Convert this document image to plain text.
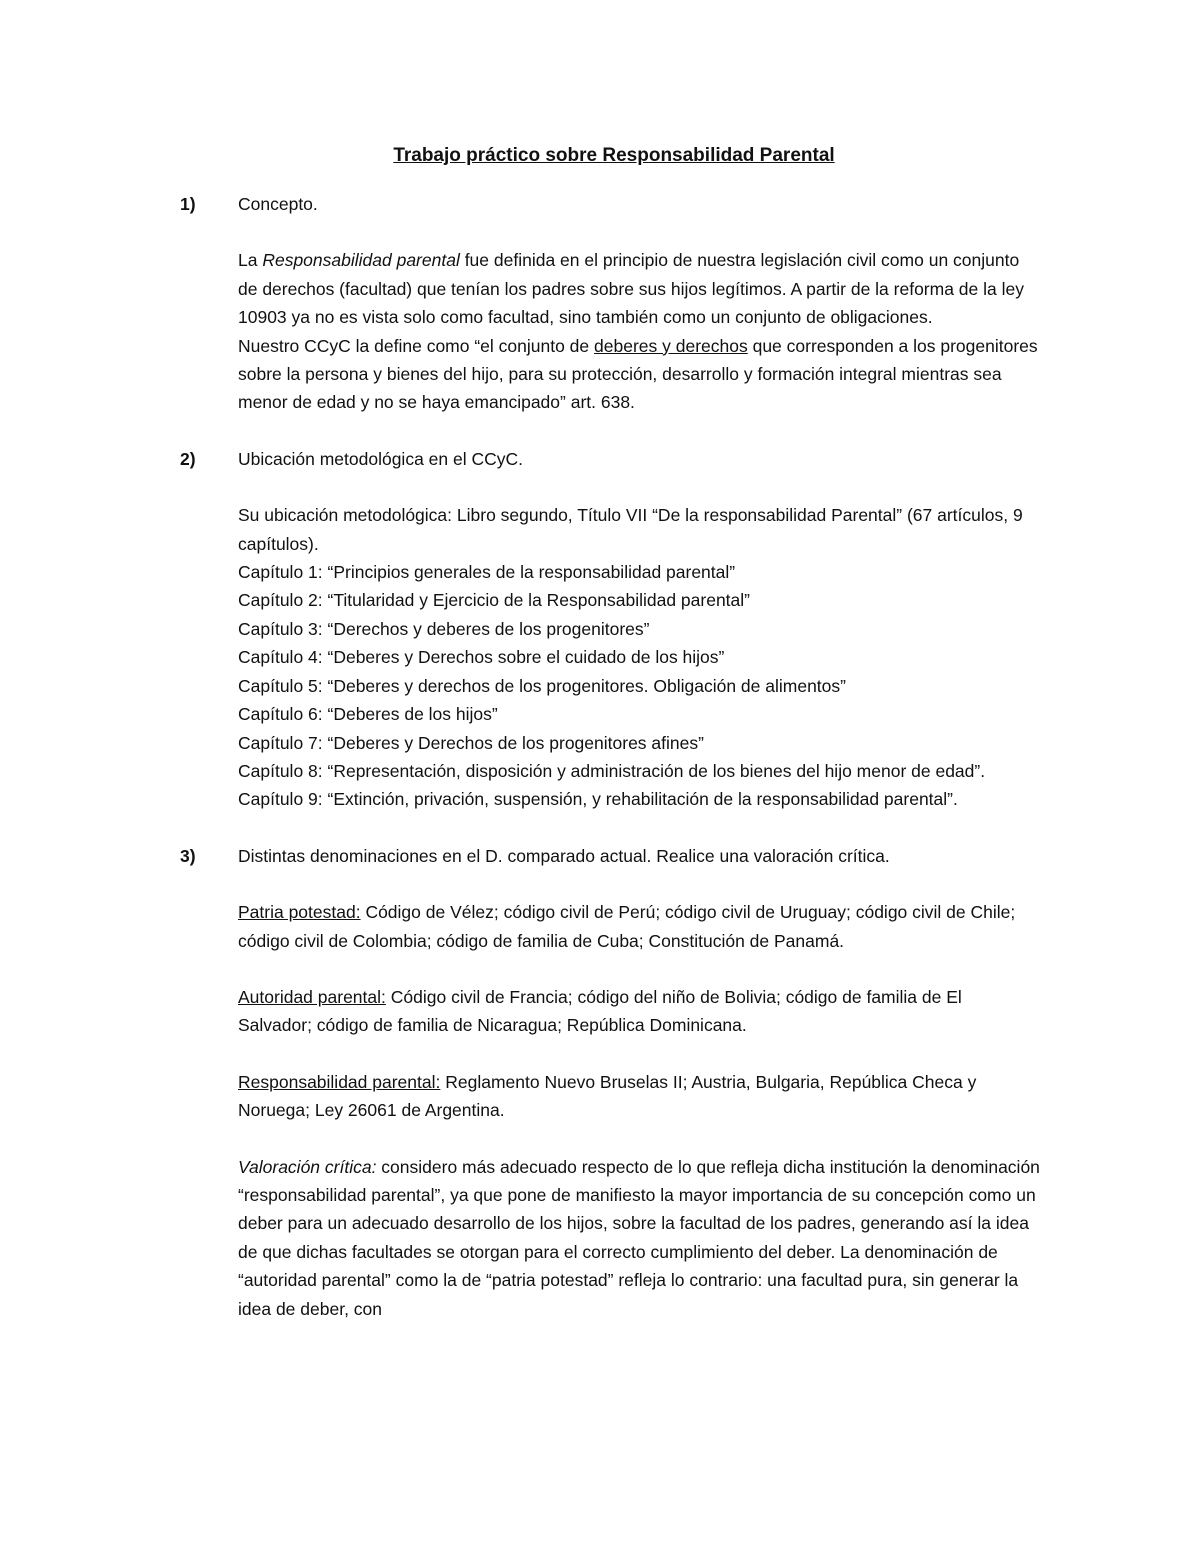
Trabajo práctico sobre Responsabilidad Parental
1)	Concepto.

La Responsabilidad parental fue definida en el principio de nuestra legislación civil como un conjunto de derechos (facultad) que tenían los padres sobre sus hijos legítimos. A partir de la reforma de la ley 10903 ya no es vista solo como facultad, sino también como un conjunto de obligaciones.

Nuestro CCyC la define como “el conjunto de deberes y derechos que corresponden a los progenitores sobre la persona y bienes del hijo, para su protección, desarrollo y formación integral mientras sea menor de edad y no se haya emancipado” art. 638.

2)	Ubicación metodológica en el CCyC.

Su ubicación metodológica: Libro segundo, Título VII “De la responsabilidad Parental” (67 artículos, 9 capítulos).

Capítulo 1: “Principios generales de la responsabilidad parental”

Capítulo 2: “Titularidad y Ejercicio de la Responsabilidad parental”

Capítulo 3: “Derechos y deberes de los progenitores”

Capítulo 4: “Deberes y Derechos sobre el cuidado de los hijos”

Capítulo 5: “Deberes y derechos de los progenitores. Obligación de alimentos”

Capítulo 6: “Deberes de los hijos”

Capítulo 7: “Deberes y Derechos de los progenitores afines”

Capítulo 8: “Representación, disposición y administración de los bienes del hijo menor de edad”.

Capítulo 9: “Extinción, privación, suspensión, y rehabilitación de la responsabilidad parental”.

3)	Distintas denominaciones en el D. comparado actual. Realice una valoración crítica.

Patria potestad: Código de Vélez; código civil de Perú; código civil de Uruguay; código civil de Chile; código civil de Colombia; código de familia de Cuba; Constitución de Panamá.

Autoridad parental: Código civil de Francia; código del niño de Bolivia; código de familia de El Salvador; código de familia de Nicaragua; República Dominicana.

Responsabilidad parental: Reglamento Nuevo Bruselas II; Austria, Bulgaria, República Checa y Noruega; Ley 26061 de Argentina.

Valoración crítica: considero más adecuado respecto de lo que refleja dicha institución la denominación “responsabilidad parental”, ya que pone de manifiesto la mayor importancia de su concepción como un deber para un adecuado desarrollo de los hijos, sobre la facultad de los padres, generando así la idea de que dichas facultades se otorgan para el correcto cumplimiento del deber. La denominación de “autoridad parental” como la de “patria potestad” refleja lo contrario: una facultad pura, sin generar la idea de deber, con
